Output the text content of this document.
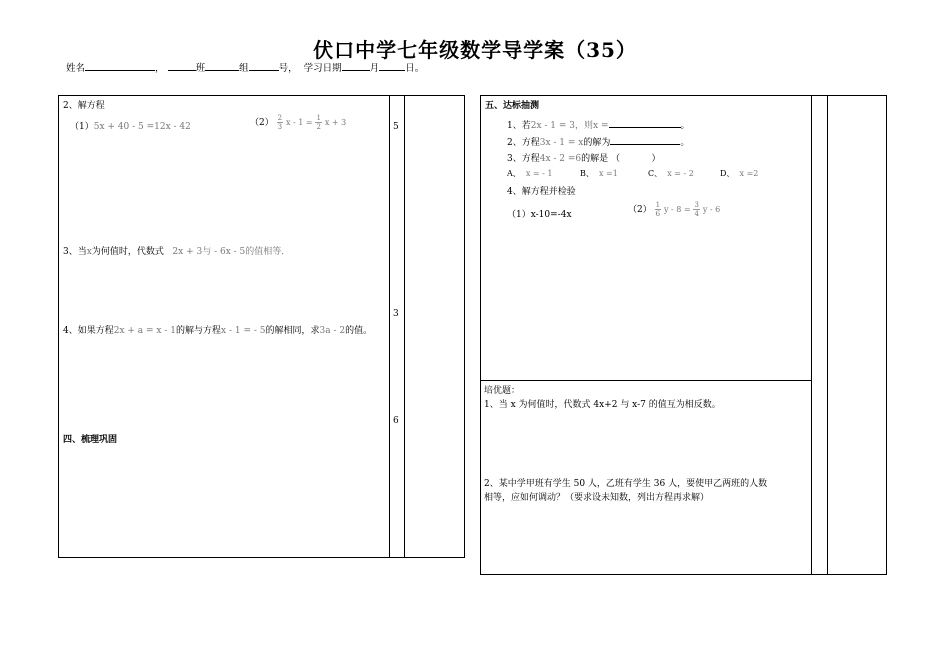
伏口中学七年级数学导学案（35）
姓名	，	班	组	号， 学习日期	月	日。
2、解方程
（1）5x + 40 - 5 =12x - 42	$(2) \frac{2}{3}$ $x - 1 = \frac{1}{2}$ x + 3
3、当x为何值时，代数式 2x + 3与 - 6x - 5的值相等．
4、如果方程2x + a = x - 1的解与方程x - 1 = - 5的解相同，求3a - 2的值。
四、梳理巩固
5
3
6
五、达标抽测
1、若2x - 1 = 3，则x =	。
2、方程3x - 1 = x的解为	。
3、方程4x - 2 =6的解是 （	）
A、 x = - 1	B、 x =1	C、 x = - 2	D、 x =2
4、解方程并检验
（1）x-10=-4x	$(2) \frac{1}{6}$ $y - 8 = \frac{3}{4}$ y - 6
培优题：
1、当 x 为何值时，代数式 4x+2 与 x-7 的值互为相反数。
2、某中学甲班有学生 50 人，乙班有学生 36 人，要使甲乙两班的人数
相等，应如何调动？（要求设未知数，列出方程再求解）
